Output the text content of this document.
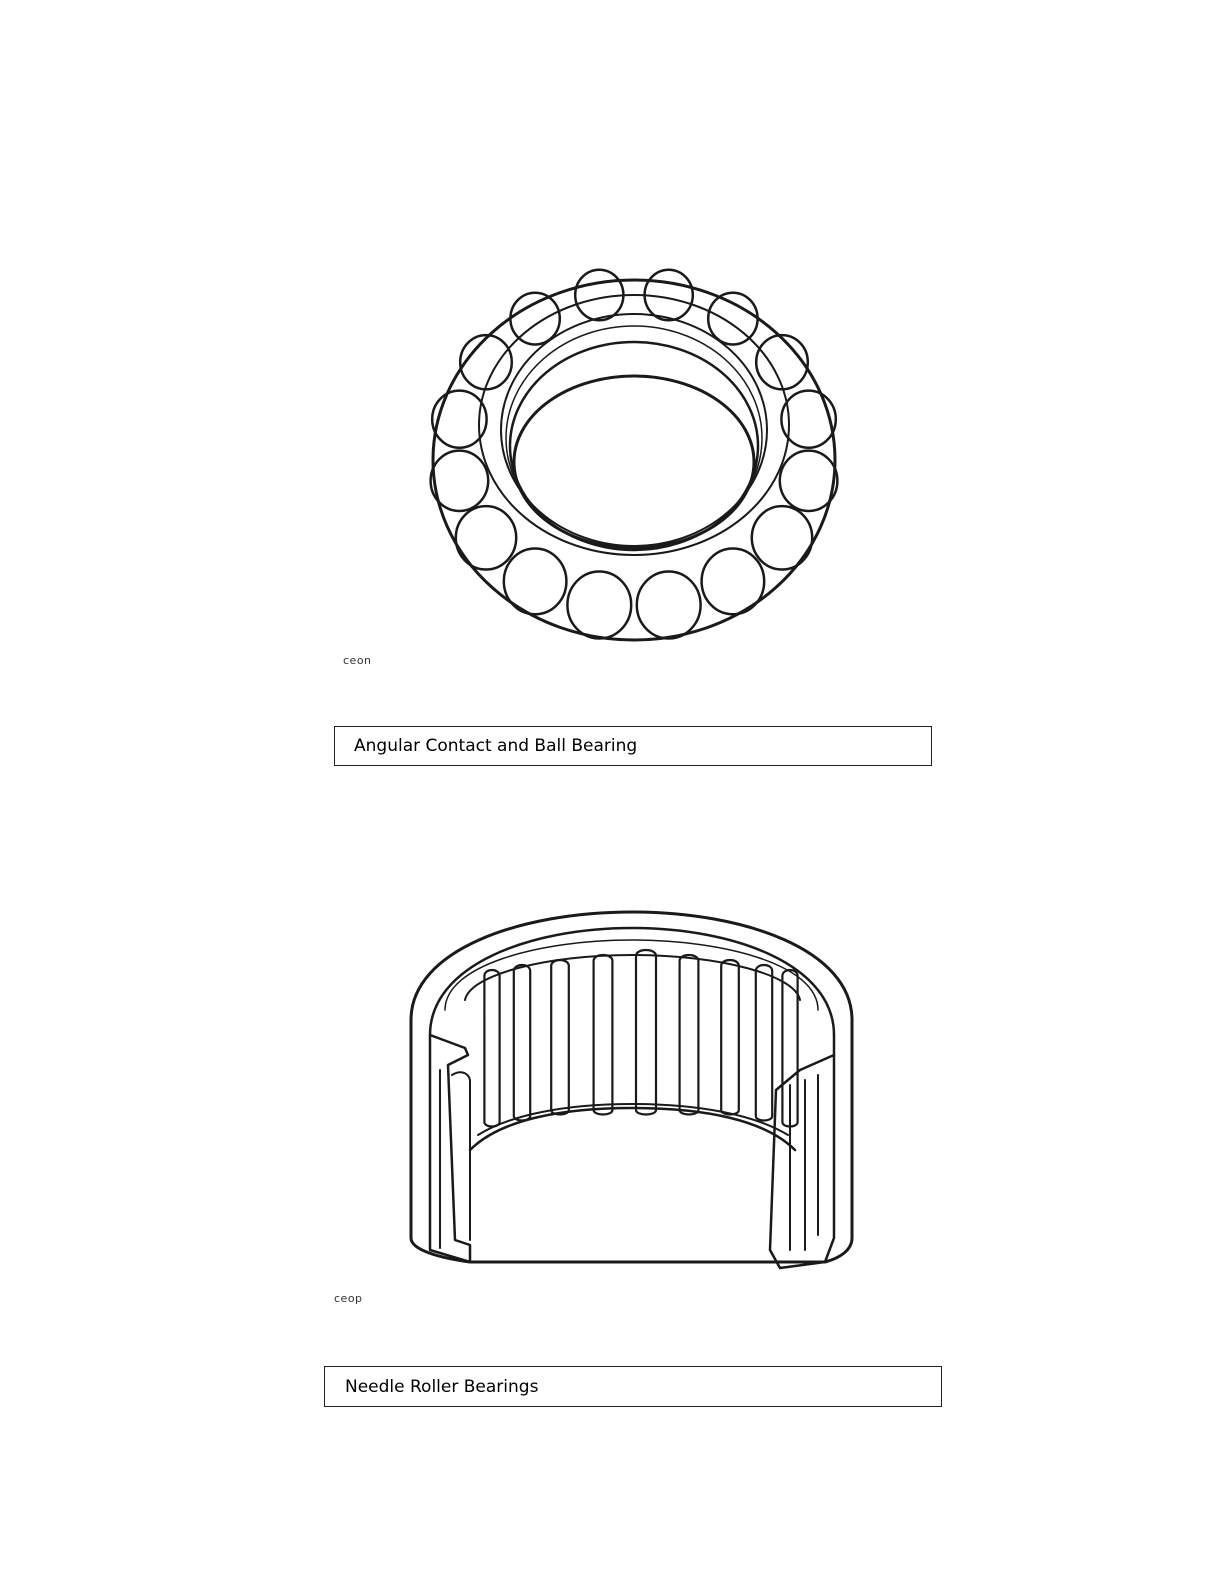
ceon
Angular Contact and Ball Bearing
ceop
Needle Roller Bearings
